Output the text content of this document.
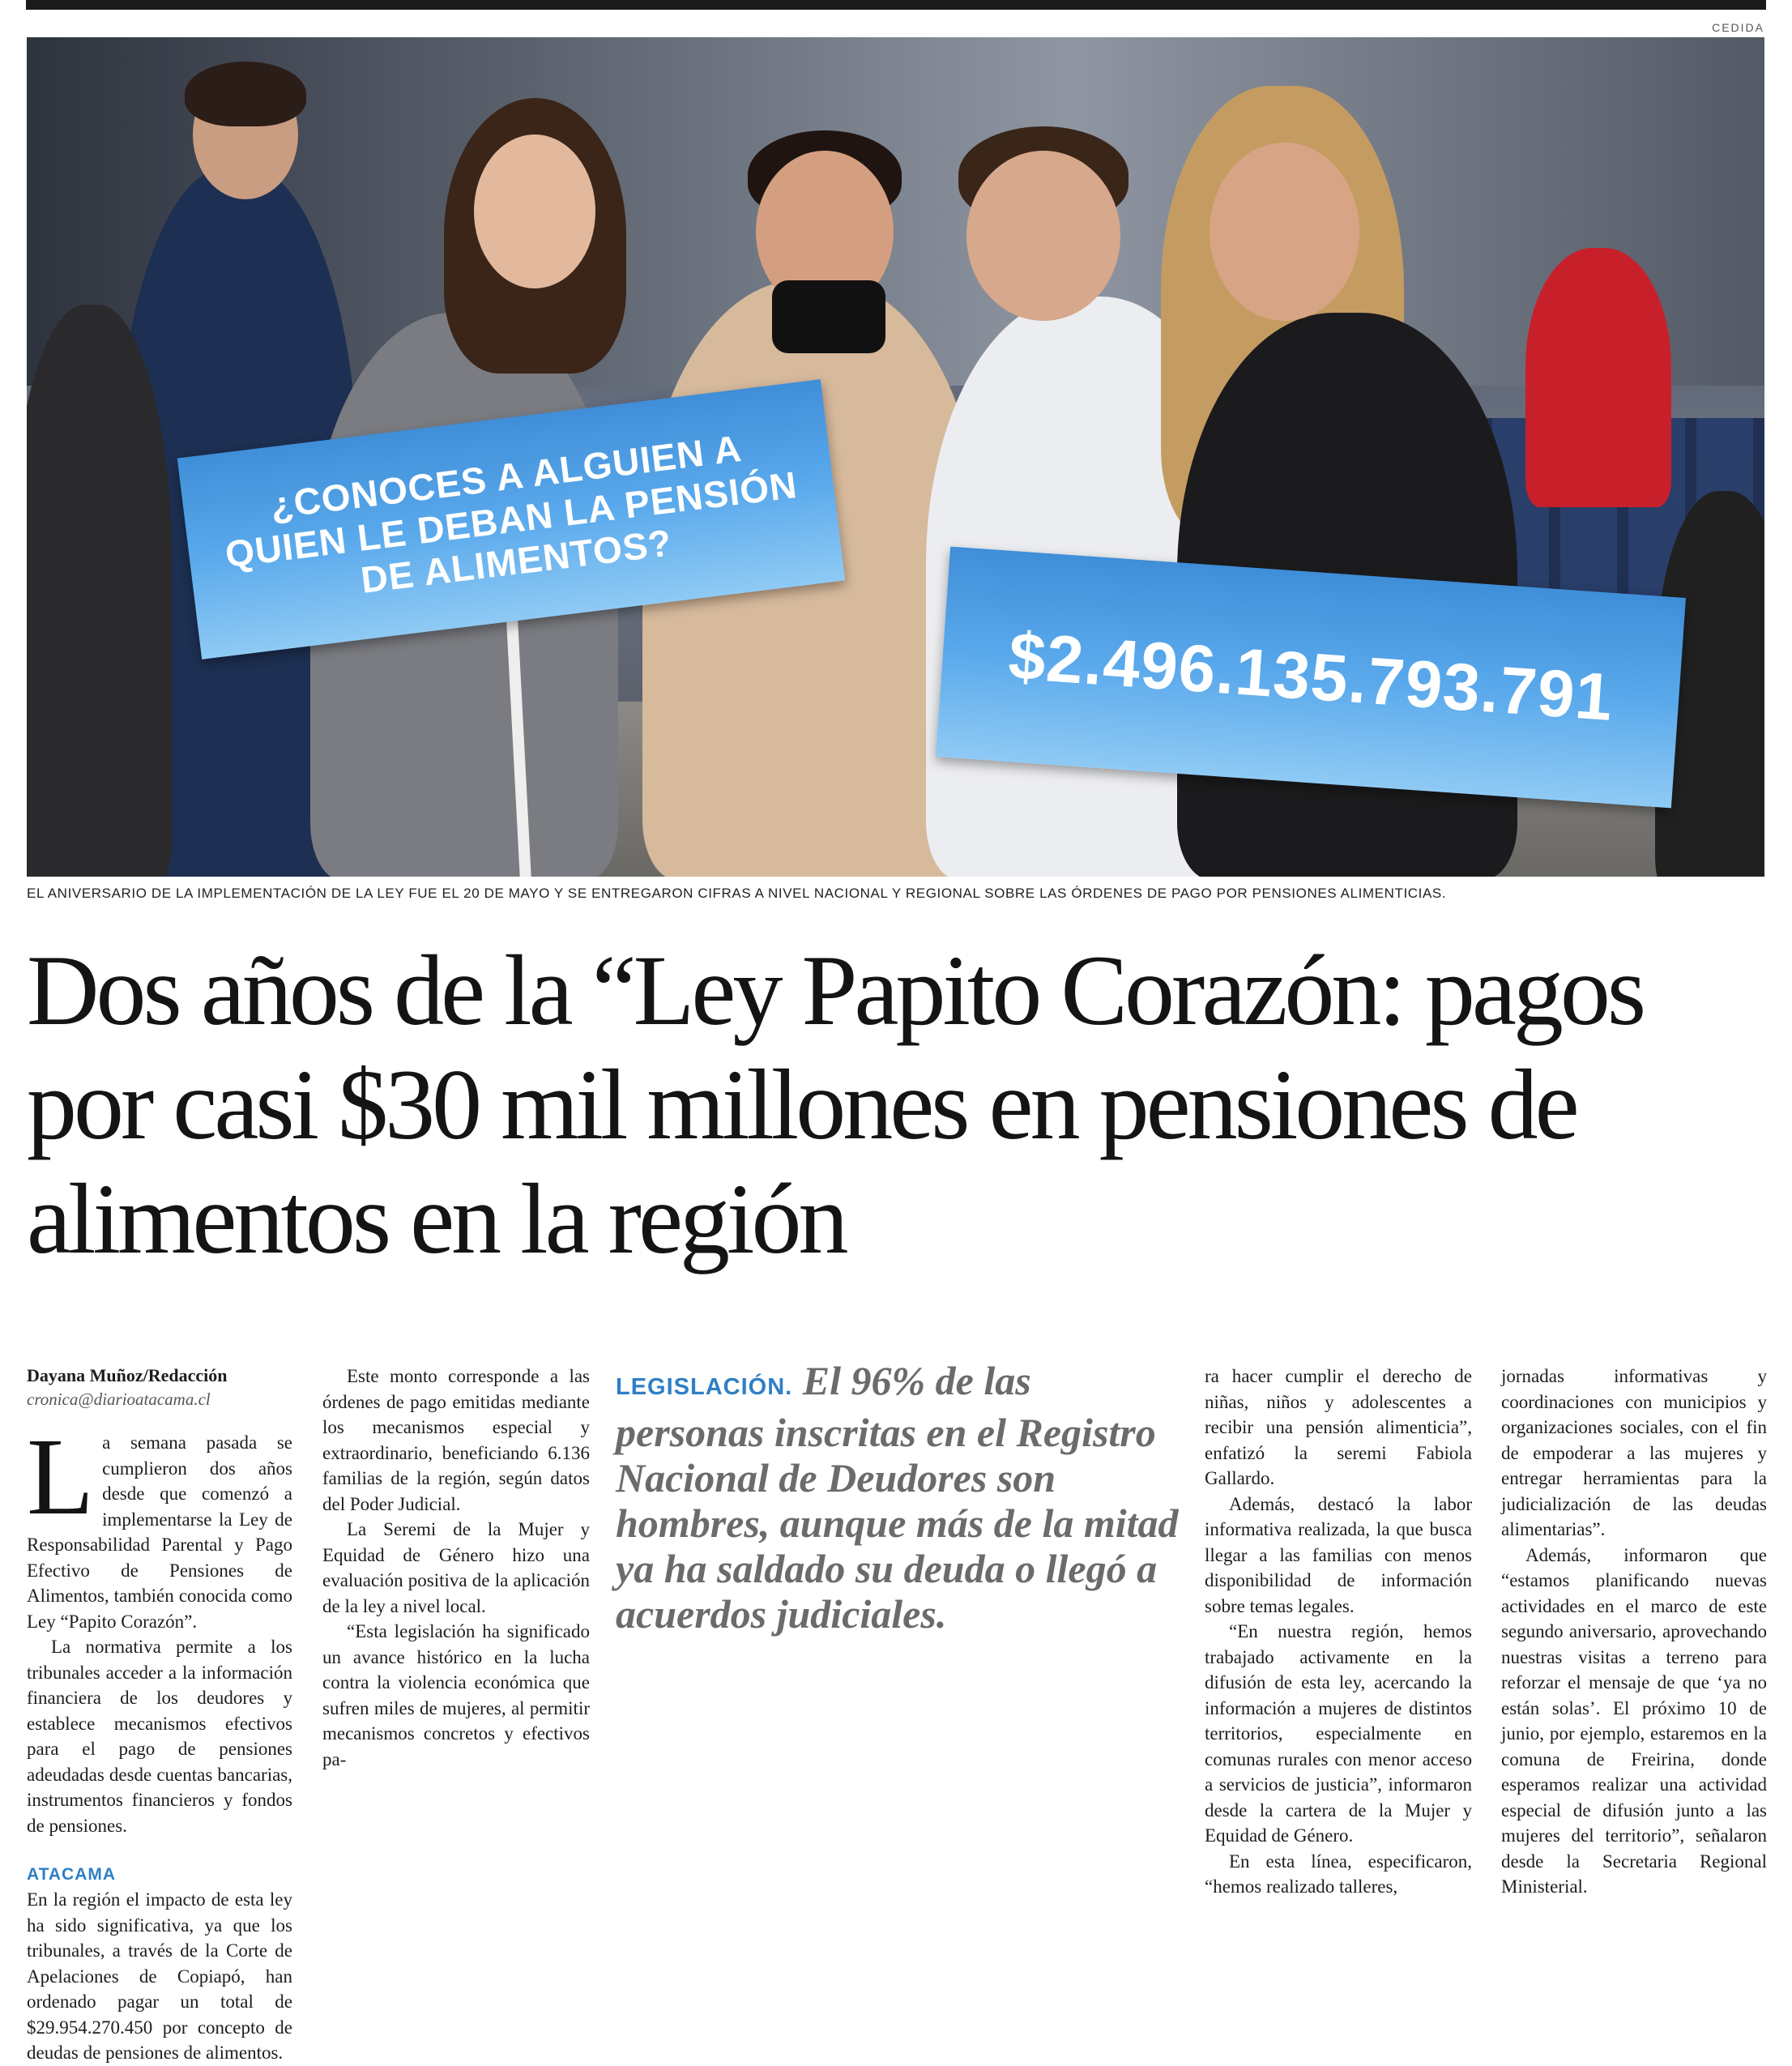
CEDIDA
¿CONOCES A ALGUIEN A QUIEN LE DEBAN LA PENSIÓN DE ALIMENTOS?
$2.496.135.793.791
EL ANIVERSARIO DE LA IMPLEMENTACIÓN DE LA LEY FUE EL 20 DE MAYO Y SE ENTREGARON CIFRAS A NIVEL NACIONAL Y REGIONAL SOBRE LAS ÓRDENES DE PAGO POR PENSIONES ALIMENTICIAS.
Dos años de la “Ley Papito Corazón: pagos por casi $30 mil millones en pensiones de alimentos en la región
Dayana Muñoz/Redacción
cronica@diarioatacama.cl

La semana pasada se cumplieron dos años desde que comenzó a implementarse la Ley de Responsabilidad Parental y Pago Efectivo de Pensiones de Alimentos, también conocida como Ley “Papito Corazón”.

La normativa permite a los tribunales acceder a la información financiera de los deudores y establece mecanismos efectivos para el pago de pensiones adeudadas desde cuentas bancarias, instrumentos financieros y fondos de pensiones.

ATACAMA

En la región el impacto de esta ley ha sido significativa, ya que los tribunales, a través de la Corte de Apelaciones de Copiapó, han ordenado pagar un total de $29.954.270.450 por concepto de deudas de pensiones de alimentos.

Este monto corresponde a las órdenes de pago emitidas mediante los mecanismos especial y extraordinario, beneficiando 6.136 familias de la región, según datos del Poder Judicial.

La Seremi de la Mujer y Equidad de Género hizo una evaluación positiva de la aplicación de la ley a nivel local.

“Esta legislación ha significado un avance histórico en la lucha contra la violencia económica que sufren miles de mujeres, al permitir mecanismos concretos y efectivos pa-

LEGISLACIÓN. El 96% de las personas inscritas en el Registro Nacional de Deudores son hombres, aunque más de la mitad ya ha saldado su deuda o llegó a acuerdos judiciales.

ra hacer cumplir el derecho de niñas, niños y adolescentes a recibir una pensión alimenticia”, enfatizó la seremi Fabiola Gallardo.

Además, destacó la labor informativa realizada, la que busca llegar a las familias con menos disponibilidad de información sobre temas legales.

“En nuestra región, hemos trabajado activamente en la difusión de esta ley, acercando la información a mujeres de distintos territorios, especialmente en comunas rurales con menor acceso a servicios de justicia”, informaron desde la cartera de la Mujer y Equidad de Género.

En esta línea, especificaron, “hemos realizado talleres,

jornadas informativas y coordinaciones con municipios y organizaciones sociales, con el fin de empoderar a las mujeres y entregar herramientas para la judicialización de las deudas alimentarias”.

Además, informaron que “estamos planificando nuevas actividades en el marco de este segundo aniversario, aprovechando nuestras visitas a terreno para reforzar el mensaje de que ‘ya no están solas’. El próximo 10 de junio, por ejemplo, estaremos en la comuna de Freirina, donde esperamos realizar una actividad especial de difusión junto a las mujeres del territorio”, señalaron desde la Secretaria Regional Ministerial.
